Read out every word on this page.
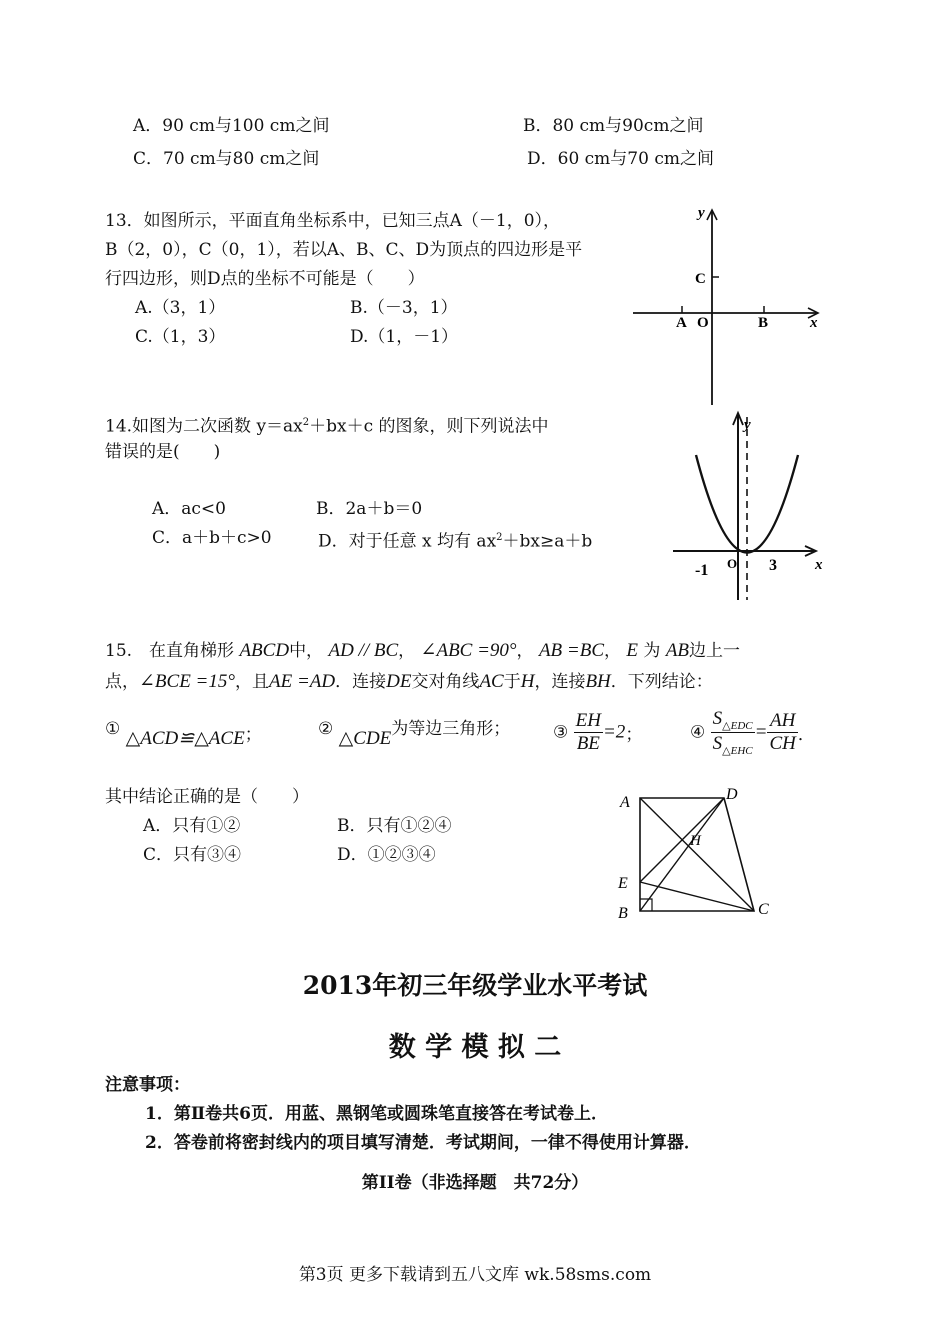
A．90 cm与100 cm之间	B．80 cm与90cm之间
C．70 cm与80 cm之间	D．60 cm与70 cm之间
13．如图所示，平面直角坐标系中，已知三点A（－1，0），
B（2，0），C（0，1），若以A、B、C、D为顶点的四边形是平
行四边形，则D点的坐标不可能是（　　）
A.（3，1）	B.（－3，1）
C.（1，3）	D.（1，－1）
y
C
A O	B	x
14.如图为二次函数 $y=ax^2+bx+c$ 的图象，则下列说法中
错误的是(　　)
A．ac<0	B．2a＋b＝0
C．a＋b＋c>0	D．对于任意 x 均有 $ax^2+bx\ge a+b$
y
O
-1	3	x
15.　在直角梯形 ABCD中， AD // BC， ∠ABC =90°， AB =BC， E 为 AB边上一
点，∠BCE =15°，且AE =AD．连接DE交对角线AC于H，连接BH．下列结论：
① △ACD≌△ACE；	② △CDE为等边三角形；	③ $\frac{EH}{BE} =2$；	④ $\frac{S_{\triangle EDC}}{S_{\triangle EHC}} = \frac{AH}{CH}$ ．
其中结论正确的是（　　）
A．只有①②	B．只有①②④
C．只有③④	D．①②③④
A	D
H
E
B	C
2013年初三年级学业水平考试
数 学 模 拟 二
注意事项：
1．第Ⅱ卷共6页．用蓝、黑钢笔或圆珠笔直接答在考试卷上．
2．答卷前将密封线内的项目填写清楚．考试期间，一律不得使用计算器．
第II卷（非选择题　共72分）
第3页 更多下载请到五八文库 wk.58sms.com
